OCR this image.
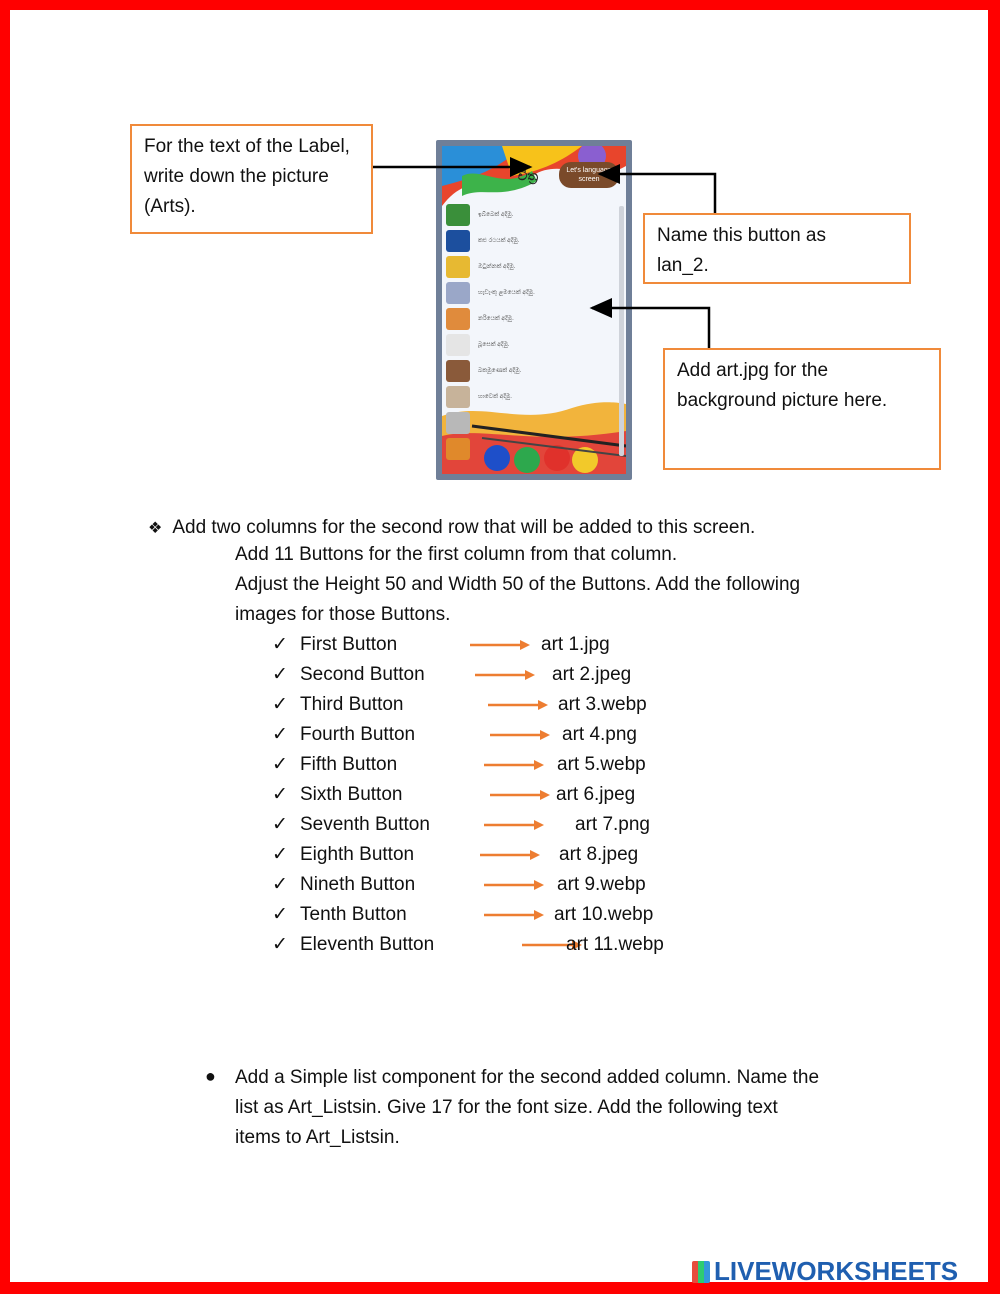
For the text of the Label, write down the picture (Arts).
Name this button as
lan_2.
Add art.jpg for the background picture here.
චිත්‍ර	Let's language screen
ඉබ්බෙක් අදිමු.
කළු රථයක් අදිමු.
ඔටුන්නක් අදිමු.
හැඩැංකු ළමයෙක් අදිමු.
නරියෙක් අදිමු.
බූසෙක් අදිමු.
බකමූණෙක් අදිමු.
හාවෙක් අදිමු.
❖ Add two columns for the second row that will be added to this screen.
Add 11 Buttons for the first column from that column.
Adjust the Height 50 and Width 50 of the Buttons. Add the following
images for those Buttons.
✓ First Button	art 1.jpg
✓ Second Button	art 2.jpeg
✓ Third Button	art 3.webp
✓ Fourth Button	art 4.png
✓ Fifth Button	art 5.webp
✓ Sixth Button	art 6.jpeg
✓ Seventh Button	art 7.png
✓ Eighth Button	art 8.jpeg
✓ Nineth Button	art 9.webp
✓ Tenth Button	art 10.webp
✓ Eleventh Button	art 11.webp
● Add a Simple list component for the second added column. Name the
list as Art_Listsin. Give 17 for the font size. Add the following text
items to Art_Listsin.
LIVEWORKSHEETS
